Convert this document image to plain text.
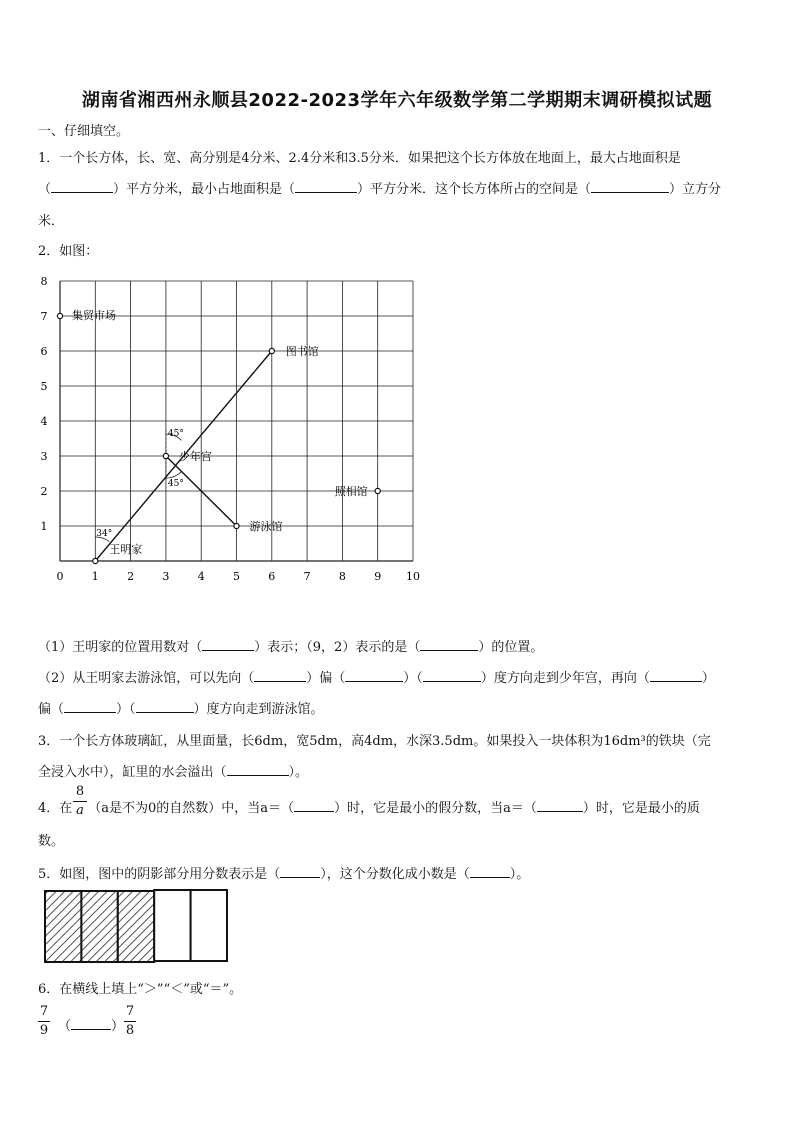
湖南省湘西州永顺县2022-2023学年六年级数学第二学期期末调研模拟试题
一、仔细填空。
1．一个长方体，长、宽、高分别是4分米、2.4分米和3.5分米．如果把这个长方体放在地面上，最大占地面积是
（	）平方分米，最小占地面积是（	）平方分米．这个长方体所占的空间是（	）立方分
米．
2．如图：
0	1	2	3	4	5	6	7	8	9 10
1
2
3
4
5
6
7
8
45°
45°
34°
集贸市场
图书馆
少年宫
照相馆
游泳馆
王明家
（1）王明家的位置用数对（	）表示；（9，2）表示的是（	）的位置。
（2）从王明家去游泳馆，可以先向（	）偏（	）（	）度方向走到少年宫，再向（	）
偏（	）（	）度方向走到游泳馆。
3．一个长方体玻璃缸，从里面量，长6dm，宽5dm，高4dm，水深3.5dm。如果投入一块体积为16dm³的铁块（完
全浸入水中），缸里的水会溢出（	）。
4．在 （a是不为0的自然数）中，当a＝（	）时，它是最小的假分数，当a＝（	）时，它是最小的质
8
a
数。
5．如图，图中的阴影部分用分数表示是（	），这个分数化成小数是（	）。
6．在横线上填上“＞”“＜”或“＝”。
7
9 （	）
7
8
